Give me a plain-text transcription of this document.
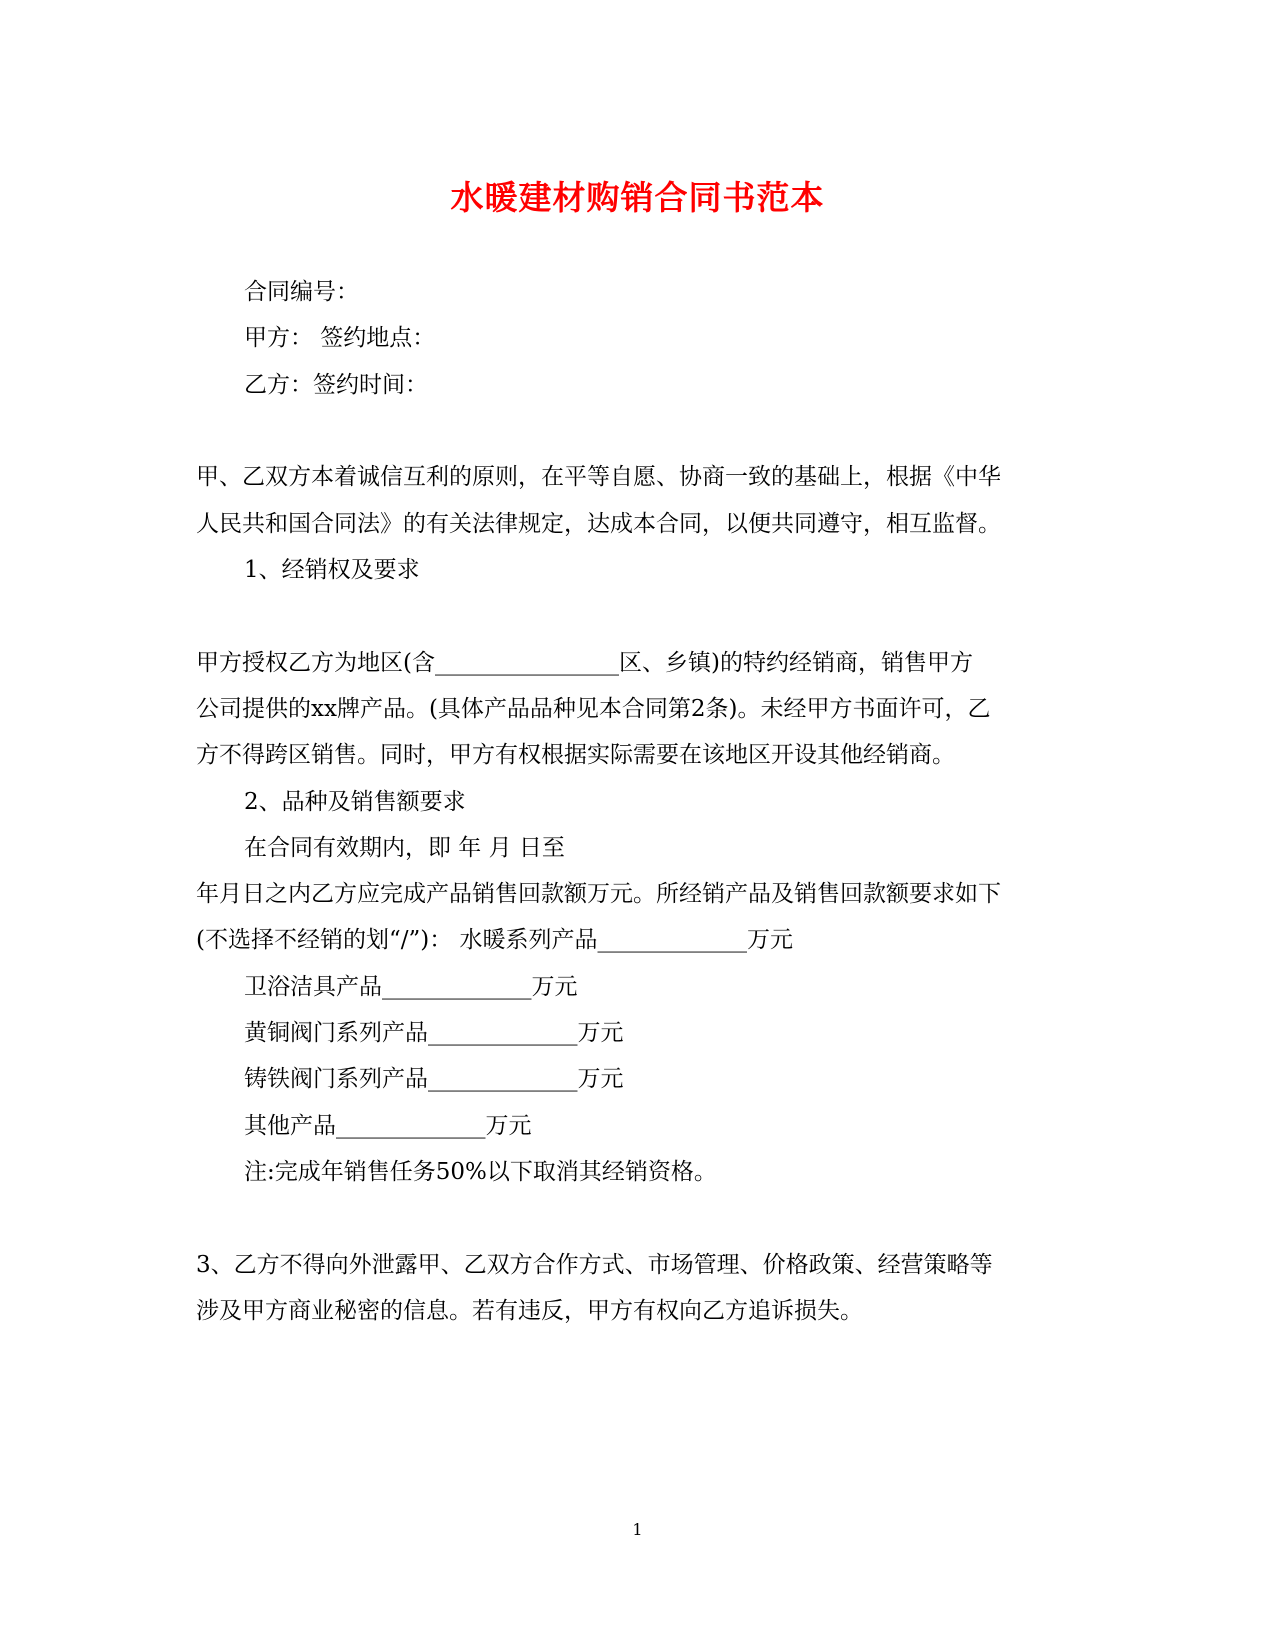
水暖建材购销合同书范本
合同编号：
甲方： 签约地点：
乙方：签约时间：
甲、乙双方本着诚信互利的原则，在平等自愿、协商一致的基础上，根据《中华
人民共和国合同法》的有关法律规定，达成本合同，以便共同遵守，相互监督。
1、经销权及要求
甲方授权乙方为地区(含________________区、乡镇)的特约经销商，销售甲方
公司提供的xx牌产品。(具体产品品种见本合同第2条)。未经甲方书面许可，乙
方不得跨区销售。同时，甲方有权根据实际需要在该地区开设其他经销商。
2、品种及销售额要求
在合同有效期内，即 年 月 日至
年月日之内乙方应完成产品销售回款额万元。所经销产品及销售回款额要求如下
(不选择不经销的划“/”)： 水暖系列产品_____________万元
卫浴洁具产品_____________万元
黄铜阀门系列产品_____________万元
铸铁阀门系列产品_____________万元
其他产品_____________万元
注:完成年销售任务50%以下取消其经销资格。
3、乙方不得向外泄露甲、乙双方合作方式、市场管理、价格政策、经营策略等
涉及甲方商业秘密的信息。若有违反，甲方有权向乙方追诉损失。
1
